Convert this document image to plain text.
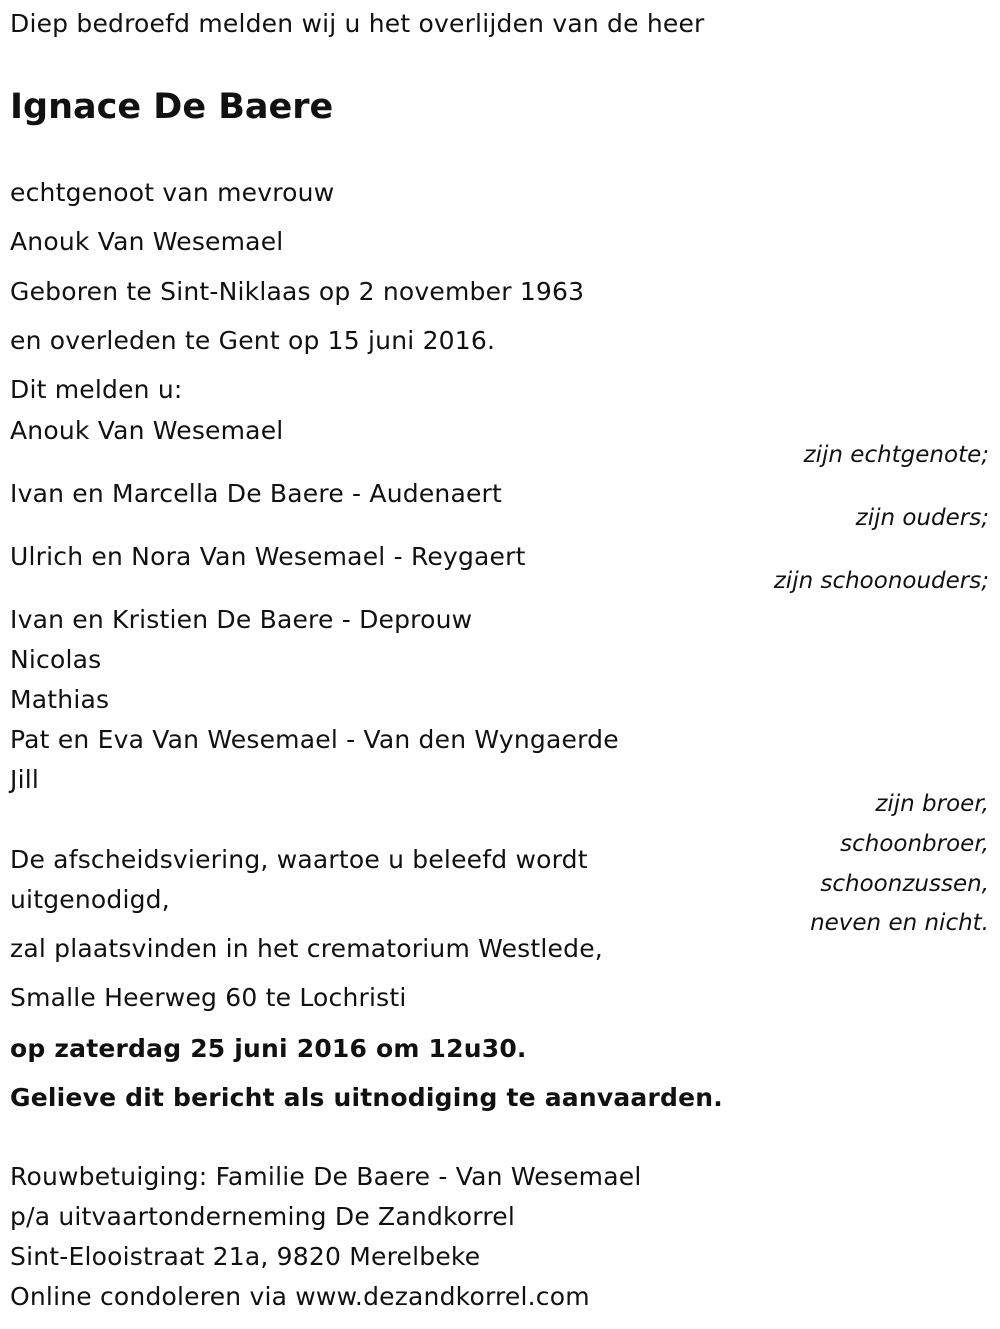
Diep bedroefd melden wij u het overlijden van de heer
Ignace De Baere
echtgenoot van mevrouw
Anouk Van Wesemael
Geboren te Sint-Niklaas op 2 november 1963
en overleden te Gent op 15 juni 2016.
Dit melden u:
Anouk Van Wesemael
zijn echtgenote;
Ivan en Marcella De Baere - Audenaert
zijn ouders;
Ulrich en Nora Van Wesemael - Reygaert
zijn schoonouders;
Ivan en Kristien De Baere - Deprouw
Nicolas
Mathias
Pat en Eva Van Wesemael - Van den Wyngaerde
Jill
zijn broer,
schoonbroer,
schoonzussen,
neven en nicht.
De afscheidsviering, waartoe u beleefd wordt
uitgenodigd,
zal plaatsvinden in het crematorium Westlede,
Smalle Heerweg 60 te Lochristi
op zaterdag 25 juni 2016 om 12u30.
Gelieve dit bericht als uitnodiging te aanvaarden.
Rouwbetuiging: Familie De Baere - Van Wesemael
p/a uitvaartonderneming De Zandkorrel
Sint-Elooistraat 21a, 9820 Merelbeke
Online condoleren via www.dezandkorrel.com
